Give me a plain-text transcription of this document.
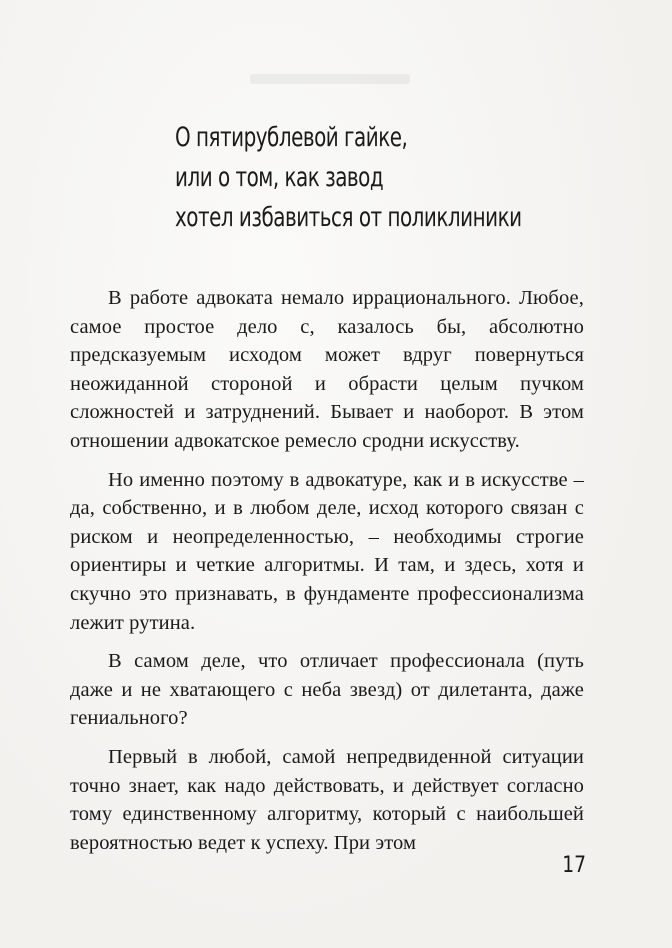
О пятирублевой гайке,
или о том, как завод
хотел избавиться от поликлиники

В работе адвоката немало иррационального. Любое, самое простое дело с, казалось бы, абсолютно предсказуемым исходом может вдруг повернуться неожиданной стороной и обрасти целым пучком сложностей и затруднений. Бывает и наоборот. В этом отношении адвокатское ремесло сродни искусству.

Но именно поэтому в адвокатуре, как и в искусстве – да, собственно, и в любом деле, исход которого связан с риском и неопределенностью, – необходимы строгие ориентиры и четкие алгоритмы. И там, и здесь, хотя и скучно это признавать, в фундаменте профессионализма лежит рутина.

В самом деле, что отличает профессионала (путь даже и не хватающего с неба звезд) от дилетанта, даже гениального?

Первый в любой, самой непредвиденной ситуации точно знает, как надо действовать, и действует согласно тому единственному алгоритму, который с наибольшей вероятностью ведет к успеху. При этом

17
